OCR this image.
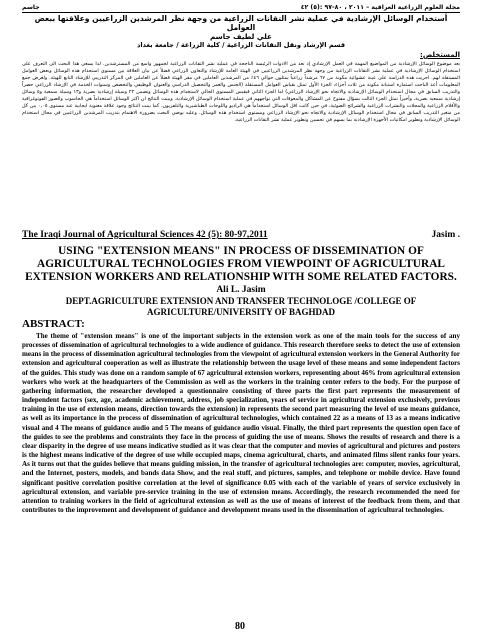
مجلة العلوم الزراعية العراقية – ٢٠١١ ، ٨٠-٩٧ :(٥) ٤٢
جاسم
أستخدام الوسائل الإرشادية في عملية نشر التقانات الزراعية من وجهة نظر المرشدين الزراعيين وعلاقتها ببعض العوامل
علي لطيف جاسم
قسم الإرشاد ونقل التقانات الزراعية / كلية الزراعة / جامعة بغداد
المستخلص:
يعد موضوع الوسائل الإرشادية من المواضيع المهمة في العمل الإرشادي إذ تعد من الادوات الرئيسة الناجحة في عملية نشر التقانات الزراعية لجمهور واسع من المسترشدين. لذا يسعى هذا البحث الى التعرف على استخدام الوسائل الإرشادية في عملية نشر التقانات الزراعية من وجهة نظر المرشدين الزراعيين في الهيئة العامة للإرشاد والتعاون الزراعي فضلاً عن بيان العلاقة بين مستوى استخدام هذه الوسائل وبعض العوامل المستقلة لهم. اجريت هذه الدراسة على عينة عشوائية مكونة من ٦٧ مرشداً زراعياً يمثلون حوالي ٤٦٪ من المرشدين العاملين في مقر الهيئة فضلاً عن العاملين في المركز التدريبي للإرشاد التابع للهيئة. ولغرض جمع المعلومات أعد الباحث استمارة استبانة مكونة من ثلاث أجزاء، الجزء الأول تمثل بقياس العوامل المستقلة (الجنس والعمر والتحصيل الدراسي والعنوان الوظيفي والتخصص وسنوات الخدمة في الإرشاد الزراعي حصراً والتدريب السابق في مجال استخدام الوسائل الإرشادية والاتجاه نحو الإرشاد الزراعي) اما الجزء الثاني فيقيس المستوى الحالي لاستخدام هذه الوسائل وتضمن ٢٢ وسيلة إرشادية بصرية و١٣ وسيلة سمعية و٥ وسائل إرشادية سمعية بصرية، وأخيراً تمثل الجزء الثالث بسؤال مفتوح عن المشاكل والمعوقات التي تواجههم في عملية استخدام الوسائل الإرشادية. وبينت النتائج ان اكثر الوسائل استخداماً هي الحاسوب والصور الفوتوغرافية والأفلام الزراعية والمجلات والنشرات الزراعية والشرائح الضوئية، في حين كانت اقل الوسائل استخداماً هي الراديو واللوحات الطباشيرية والتلفزيون. كما بينت النتائج وجود علاقة معنوية ايجابية عند مستوى ٠,٠٥ بين كل من متغير التدريب السابق في مجال استخدام الوسائل الإرشادية والاتجاه نحو الإرشاد الزراعي ومستوى استخدام هذه الوسائل. وعليه يوصي البحث بضرورة الاهتمام بتدريب المرشدين الزراعيين في مجال استخدام الوسائل الإرشادية وتطوير امكانيات الأجهزة الإرشادية بما يسهم في تحسين وتطوير عملية نشر التقانات الزراعية.
The Iraqi Journal of Agricultural Sciences 42 (5): 80-97,2011	Jasim .
USING "EXTENSION MEANS" IN PROCESS OF DISSEMINATION OF AGRICULTURAL TECHNOLOGIES FROM VIEWPOINT OF AGRICULTURAL EXTENSION WORKERS AND RELATIONSHIP WITH SOME RELATED FACTORS.
Ali L. Jasim
DEPT.AGRICULTURE EXTENSION AND TRANSFER TECHNOLOGE /COLLEGE OF AGRICULTURE/UNIVERSITY OF BAGHDAD
ABSTRACT:
The theme of "extension means" is one of the important subjects in the extension work as one of the main tools for the success of any processes of dissemination of agricultural technologies to a wide audience of guidance. This research therefore seeks to detect the use of extension means in the process of dissemination agricultural technologies from the viewpoint of agricultural extension workers in the General Authority for extension and agricultural cooperation as well as illustrate the relationship between the usage level of these means and some independent factors of the guides. This study was done on a random sample of 67 agricultural extension workers, representing about 46% from agricultural extension workers who work at the headquarters of the Commission as well as the workers in the training center refers to the body. For the purpose of gathering information, the researcher developed a questionnaire consisting of three parts the first part represents the measurement of independent factors (sex, age, academic achievement, address, job specialization, years of service in agricultural extension exclusively, previous training in the use of extension means, direction towards the extension) in represents the second part measuring the level of use means guidance, as well as its importance in the process of dissemination of agricultural technologies, which contained 22 as a means of 13 as a means indicative visual and 4 The means of guidance audio and 5 The means of guidance audio visual. Finally, the third part represents the question open face of the guides to see the problems and constraints they face in the process of guiding the use of means. Shows the results of research and there is a clear disparity in the degree of use means indicative studied as it was clear that the computer and movies of agricultural and pictures and posters is the highest means indicative of the degree of use while occupied maps, cinema agricultural, charts, and animated films silent ranks four years. As it turns out that the guides believe that means guiding mission, in the transfer of agricultural technologies are: computer, movies, agricultural, and the Internet, posters, models, and bands data Show, and the real stuff, and pictures, samples, and telephone or mobile device. Have found significant positive correlation positive correlation at the level of significance 0.05 with each of the variable of years of service exclusively in agricultural extension, and variable pre-service training in the use of extension means. Accordingly, the research recommended the need for attention to training workers in the field of agricultural extension as well as the use of means of interest of the feedback from them, and that contributes to the improvement and development of guidance and development means used in the dissemination of agricultural technologies.
80
